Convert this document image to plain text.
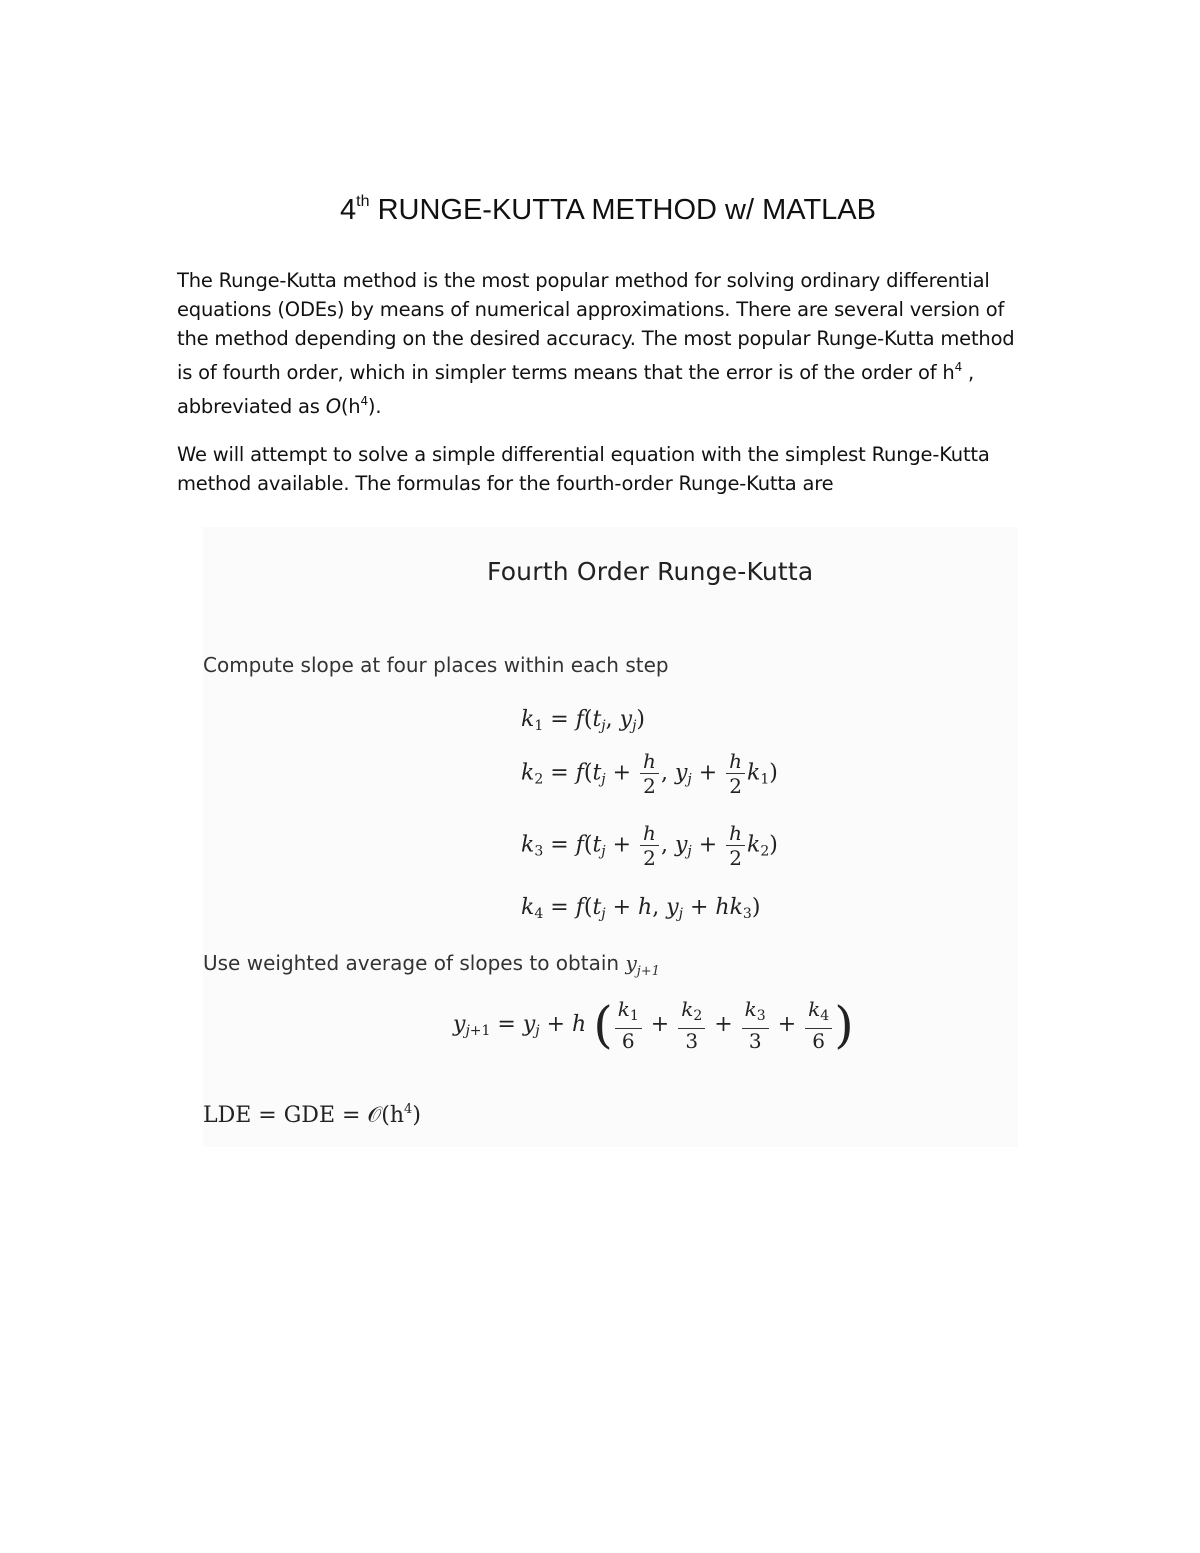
4th RUNGE-KUTTA METHOD w/ MATLAB
The Runge-Kutta method is the most popular method for solving ordinary differential
equations (ODEs) by means of numerical approximations. There are several version of
the method depending on the desired accuracy. The most popular Runge-Kutta method
is of fourth order, which in simpler terms means that the error is of the order of $h^4$ ,
abbreviated as $O(h^4)$.
We will attempt to solve a simple differential equation with the simplest Runge-Kutta
method available. The formulas for the fourth-order Runge-Kutta are
Fourth Order Runge-Kutta
Compute slope at four places within each step
$k_1 = f(t_j$, $y_j$)
$k_2 = f(t_j + \frac{h}{2}$ , $y_j + \frac{h}{2} k_1$)
$k_3 = f(t_j + \frac{h}{2}$ , $y_j + \frac{h}{2} k_2$)
$k_4 = f(t_j + h$, $y_j + hk_3$)
Use weighted average of slopes to obtain $y_{j+1}$
$y_{j+1} = y_j + h$ ( $\frac{k_1}{6} + \frac{k_2}{3} + \frac{k_3}{3} + \frac{k_4}{6}$ )
LDE = GDE = $𝒪(h^4)$
